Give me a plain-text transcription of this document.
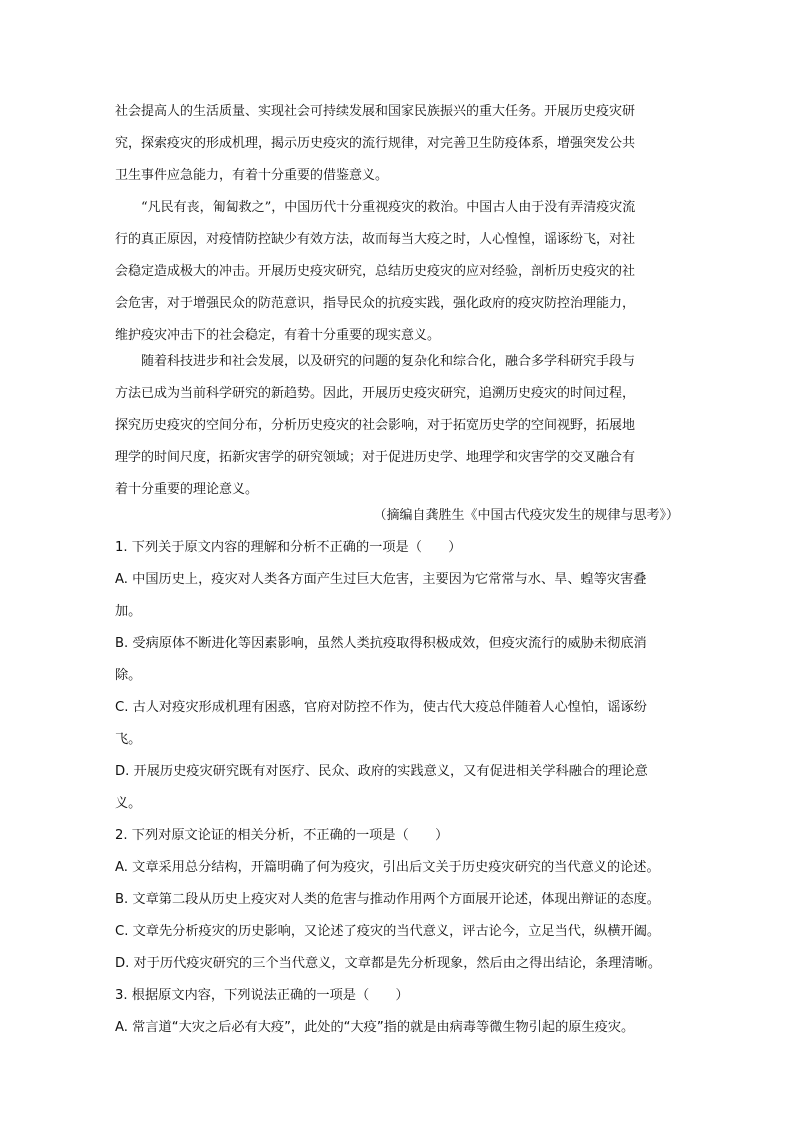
社会提高人的生活质量、实现社会可持续发展和国家民族振兴的重大任务。开展历史疫灾研
究，探索疫灾的形成机理，揭示历史疫灾的流行规律，对完善卫生防疫体系，增强突发公共
卫生事件应急能力，有着十分重要的借鉴意义。
“凡民有丧，匍匐救之”，中国历代十分重视疫灾的救治。中国古人由于没有弄清疫灾流
行的真正原因，对疫情防控缺少有效方法，故而每当大疫之时，人心惶惶，谣诼纷飞，对社
会稳定造成极大的冲击。开展历史疫灾研究，总结历史疫灾的应对经验，剖析历史疫灾的社
会危害，对于增强民众的防范意识，指导民众的抗疫实践，强化政府的疫灾防控治理能力，
维护疫灾冲击下的社会稳定，有着十分重要的现实意义。
随着科技进步和社会发展，以及研究的问题的复杂化和综合化，融合多学科研究手段与
方法已成为当前科学研究的新趋势。因此，开展历史疫灾研究，追溯历史疫灾的时间过程，
探究历史疫灾的空间分布，分析历史疫灾的社会影响，对于拓宽历史学的空间视野，拓展地
理学的时间尺度，拓新灾害学的研究领域；对于促进历史学、地理学和灾害学的交叉融合有
着十分重要的理论意义。
（摘编自龚胜生《中国古代疫灾发生的规律与思考》）
1. 下列关于原文内容的理解和分析不正确的一项是（　　）
A. 中国历史上，疫灾对人类各方面产生过巨大危害，主要因为它常常与水、旱、蝗等灾害叠
加。
B. 受病原体不断进化等因素影响，虽然人类抗疫取得积极成效，但疫灾流行的威胁未彻底消
除。
C. 古人对疫灾形成机理有困惑，官府对防控不作为，使古代大疫总伴随着人心惶怕，谣诼纷
飞。
D. 开展历史疫灾研究既有对医疗、民众、政府的实践意义，又有促进相关学科融合的理论意
义。
2. 下列对原文论证的相关分析，不正确的一项是（　　）
A. 文章采用总分结构，开篇明确了何为疫灾，引出后文关于历史疫灾研究的当代意义的论述。
B. 文章第二段从历史上疫灾对人类的危害与推动作用两个方面展开论述，体现出辩证的态度。
C. 文章先分析疫灾的历史影响，又论述了疫灾的当代意义，评古论今，立足当代，纵横开阖。
D. 对于历代疫灾研究的三个当代意义，文章都是先分析现象，然后由之得出结论，条理清晰。
3. 根据原文内容，下列说法正确的一项是（　　）
A. 常言道“大灾之后必有大疫”，此处的“大疫”指的就是由病毒等微生物引起的原生疫灾。
